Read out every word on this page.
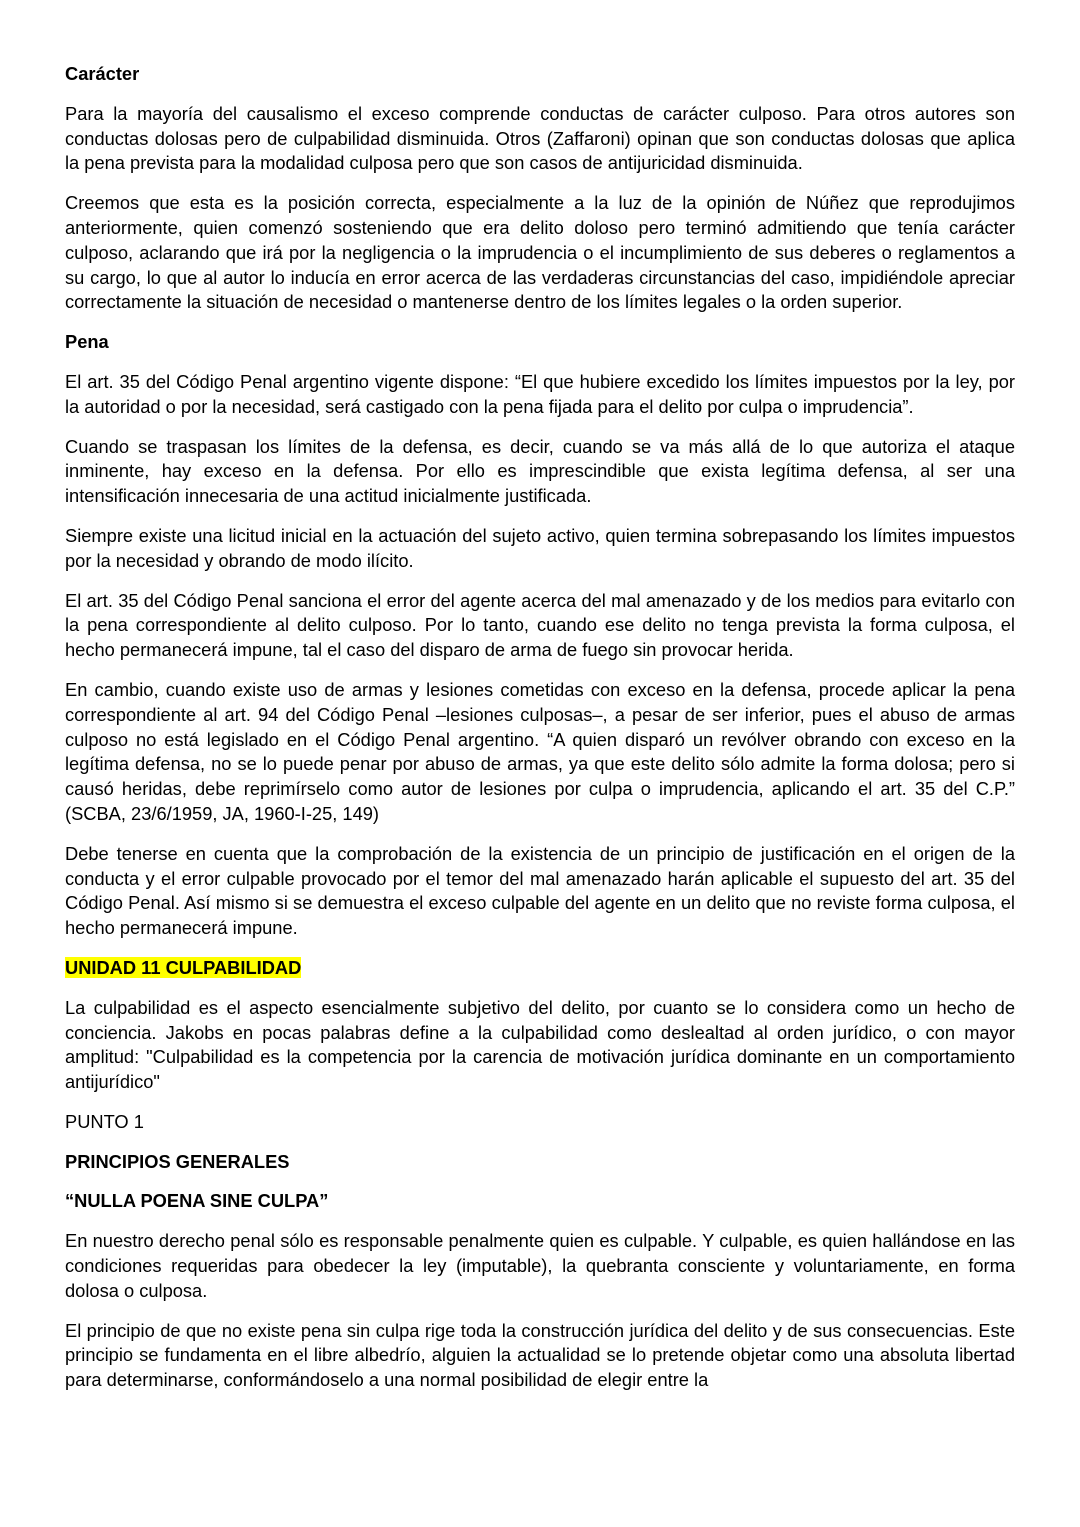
Carácter
Para la mayoría del causalismo el exceso comprende conductas de carácter culposo. Para otros autores son conductas dolosas pero de culpabilidad disminuida. Otros (Zaffaroni) opinan que son conductas dolosas que aplica la pena prevista para la modalidad culposa pero que son casos de antijuricidad disminuida.
Creemos que esta es la posición correcta, especialmente a la luz de la opinión de Núñez que reprodujimos anteriormente, quien comenzó sosteniendo que era delito doloso pero terminó admitiendo que tenía carácter culposo, aclarando que irá por la negligencia o la imprudencia o el incumplimiento de sus deberes o reglamentos a su cargo, lo que al autor lo inducía en error acerca de las verdaderas circunstancias del caso, impidiéndole apreciar correctamente la situación de necesidad o mantenerse dentro de los límites legales o la orden superior.
Pena
El art. 35 del Código Penal argentino vigente dispone: “El que hubiere excedido los límites impuestos por la ley, por la autoridad o por la necesidad, será castigado con la pena fijada para el delito por culpa o imprudencia”.
Cuando se traspasan los límites de la defensa, es decir, cuando se va más allá de lo que autoriza el ataque inminente, hay exceso en la defensa. Por ello es imprescindible que exista legítima defensa, al ser una intensificación innecesaria de una actitud inicialmente justificada.
Siempre existe una licitud inicial en la actuación del sujeto activo, quien termina sobrepasando los límites impuestos por la necesidad y obrando de modo ilícito.
El art. 35 del Código Penal sanciona el error del agente acerca del mal amenazado y de los medios para evitarlo con la pena correspondiente al delito culposo. Por lo tanto, cuando ese delito no tenga prevista la forma culposa, el hecho permanecerá impune, tal el caso del disparo de arma de fuego sin provocar herida.
En cambio, cuando existe uso de armas y lesiones cometidas con exceso en la defensa, procede aplicar la pena correspondiente al art. 94 del Código Penal –lesiones culposas–, a pesar de ser inferior, pues el abuso de armas culposo no está legislado en el Código Penal argentino. “A quien disparó un revólver obrando con exceso en la legítima defensa, no se lo puede penar por abuso de armas, ya que este delito sólo admite la forma dolosa; pero si causó heridas, debe reprimírselo como autor de lesiones por culpa o imprudencia, aplicando el art. 35 del C.P.” (SCBA, 23/6/1959, JA, 1960-I-25, 149)
Debe tenerse en cuenta que la comprobación de la existencia de un principio de justificación en el origen de la conducta y el error culpable provocado por el temor del mal amenazado harán aplicable el supuesto del art. 35 del Código Penal. Así mismo si se demuestra el exceso culpable del agente en un delito que no reviste forma culposa, el hecho permanecerá impune.
UNIDAD 11 CULPABILIDAD
La culpabilidad es el aspecto esencialmente subjetivo del delito, por cuanto se lo considera como un hecho de conciencia. Jakobs en pocas palabras define a la culpabilidad como deslealtad al orden jurídico, o con mayor amplitud: "Culpabilidad es la competencia por la carencia de motivación jurídica dominante en un comportamiento antijurídico"
PUNTO 1
PRINCIPIOS GENERALES
“NULLA POENA SINE CULPA”
En nuestro derecho penal sólo es responsable penalmente quien es culpable. Y culpable, es quien hallándose en las condiciones requeridas para obedecer la ley (imputable), la quebranta consciente y voluntariamente, en forma dolosa o culposa.
El principio de que no existe pena sin culpa rige toda la construcción jurídica del delito y de sus consecuencias. Este principio se fundamenta en el libre albedrío, alguien la actualidad se lo pretende objetar como una absoluta libertad para determinarse, conformándoselo a una normal posibilidad de elegir entre la
